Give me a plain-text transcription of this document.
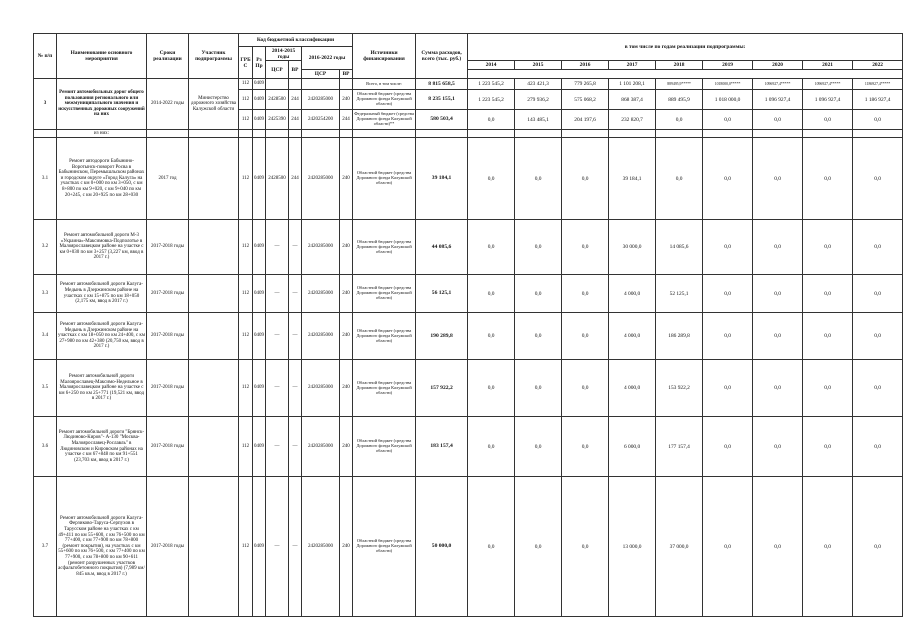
№ п/п	Наименование основного мероприятия	Сроки реализации	Участник подпрограммы	Код бюджетной классификации						Источники финансирования	Сумма расходов, всего (тыс. руб.)	в том числе по годам реализации подпрограммы:								
				ГРБС	Рз Пр	2014-2015 годы		2016-2022 годы												
						ЦСР	ВР					2014	2015	2016	2017	2018	2019	2020	2021	2022
								ЦСР	ВР											
3	Ремонт автомобильных дорог общего пользования регионального или межмуниципального значения и искусственных дорожных сооружений на них	2014-2022 годы	Министерство дорожного хозяйства Калужской области	112	0409					Всего, в том числе:	8 815 658,5	1 223 545,2	423 421,3	779 265,8	1 101 208,1	889495,9*****	1018000,0*****	1096927,4*****	1096927,4*****	1186927,4*****
				112	0409	2428500	244	2420285000	240	Областной бюджет (средства Дорожного фонда Калужской области)	8 235 155,1	1 223 545,2	279 936,2	575 068,2	868 387,4	889 495,9	1 018 000,0	1 096 927,4	1 096 927,4	1 186 927,4
				112	0409	2425390	244	2420254200	244	Федеральный бюджет (средства Дорожного фонда Калужской области)**	580 503,4	0,0	143 485,1	204 197,6	232 820,7	0,0	0,0	0,0	0,0	0,0
	из них:																			
3.1	Ремонт автодороги Бабынино-Воротынск-поворот Росва в Бабынинском, Перемышльском районах и городском округе «Город Калуга» на участках с км 0+000 по км 3+050, с км 8+800 по км 9+020, с км 9+040 по км 20+245, с км 20+925 по км 28+030	2017 год		112	0409	2428500	244	2420285000	240	Областной бюджет (средства Дорожного фонда Калужской области)	39 184,1	0,0	0,0	0,0	39 184,1	0,0	0,0	0,0	0,0	0,0
3.2	Ремонт автомобильной дороги М-3 «Украина»-Максимовка-Подполотье в Малоярославецком районе на участке с км 0+030 по км 3+257 (3,227 км, ввод в 2017 г.)	2017-2018 годы		112	0409	—	—	2420285000	240	Областной бюджет (средства Дорожного фонда Калужской области)	44 085,6	0,0	0,0	0,0	30 000,0	14 085,6	0,0	0,0	0,0	0,0
3.3	Ремонт автомобильной дороги Калуга-Медынь в Дзержинском районе на участках с км 15+875 по км 18+050 (2,175 км, ввод в 2017 г.)	2017-2018 годы		112	0409	—	—	2420285000	240	Областной бюджет (средства Дорожного фонда Калужской области)	56 125,1	0,0	0,0	0,0	4 000,0	52 125,1	0,0	0,0	0,0	0,0
3.4	Ремонт автомобильной дороги Калуга-Медынь в Дзержинском районе на участках с км 18+050 по км 24+400, с км 27+980 по км 42+380 (20,750 км, ввод в 2017 г.)	2017-2018 годы		112	0409	—	—	2420285000	240	Областной бюджет (средства Дорожного фонда Калужской области)	190 289,8	0,0	0,0	0,0	4 000,0	186 289,8	0,0	0,0	0,0	0,0
3.5	Ремонт автомобильной дороги Малоярославец-Максимо-Недельное в Малоярославецком районе на участке с км 6+250 по км 25+771 (19,521 км, ввод в 2017 г.)	2017-2018 годы		112	0409	—	—	2420285000	240	Областной бюджет (средства Дорожного фонда Калужской области)	157 922,2	0,0	0,0	0,0	4 000,0	153 922,2	0,0	0,0	0,0	0,0
3.6	Ремонт автомобильной дороги "Брянск-Людиново-Киров"- А-130 "Москва-Малоярославец-Рославль" в Людиновском и Кировском районах на участке с км 67+848 по км 91+551 (23,703 км, ввод в 2017 г.)	2017-2018 годы		112	0409	—	—	2420285000	240	Областной бюджет (средства Дорожного фонда Калужской области)	183 157,4	0,0	0,0	0,0	6 000,0	177 157,4	0,0	0,0	0,0	0,0
3.7	Ремонт автомобильной дороги Калуга-Ферзиково-Таруса-Серпухов в Тарусском районе на участках с км 49+411 по км 55+600, с км 76+500 по км 77+400, с км 77+900 по км 78+800 (ремонт покрытия), на участках с км 55+600 по км 76+500, с км 77+400 по км 77+900, с км 78+800 по км 90+611 (ремонт разрушенных участков асфальтобетонного покрытия) (7,989 км/ 845 кв.м, ввод в 2017 г.)	2017-2018 годы		112	0409	—	—	2420285000	240	Областной бюджет (средства Дорожного фонда Калужской области)	50 000,0	0,0	0,0	0,0	13 000,0	37 000,0	0,0	0,0	0,0	0,0
